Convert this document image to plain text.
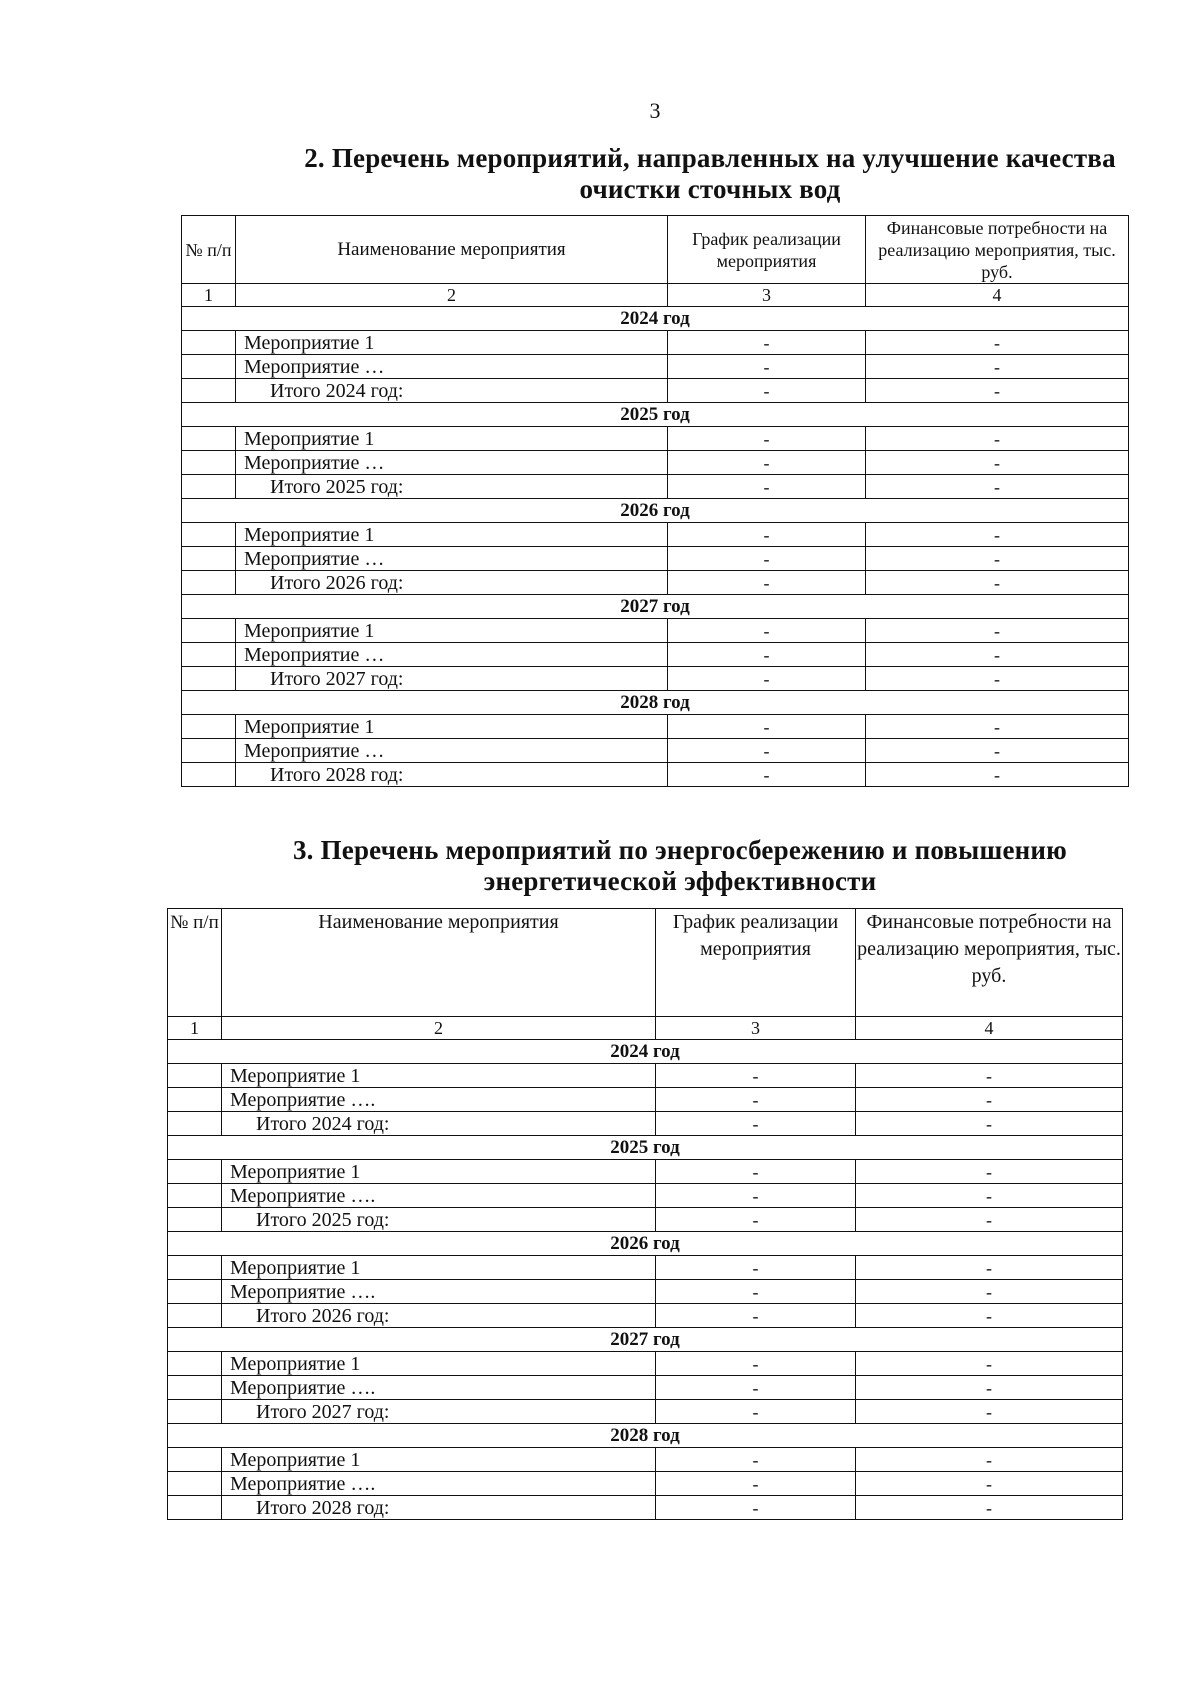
3
2. Перечень мероприятий, направленных на улучшение качества очистки сточных вод
№ п/п	Наименование мероприятия	График реализации мероприятия	Финансовые потребности на реализацию мероприятия, тыс. руб.
1	2	3	4
2024 год			
	Мероприятие 1	-	-
	Мероприятие …	-	-
	Итого 2024 год:	-	-
2025 год			
	Мероприятие 1	-	-
	Мероприятие …	-	-
	Итого 2025 год:	-	-
2026 год			
	Мероприятие 1	-	-
	Мероприятие …	-	-
	Итого 2026 год:	-	-
2027 год			
	Мероприятие 1	-	-
	Мероприятие …	-	-
	Итого 2027 год:	-	-
2028 год			
	Мероприятие 1	-	-
	Мероприятие …	-	-
	Итого 2028 год:	-	-
3. Перечень мероприятий по энергосбережению и повышению энергетической эффективности
№ п/п	Наименование мероприятия	График реализации мероприятия	Финансовые потребности на реализацию мероприятия, тыс. руб.
1	2	3	4
2024 год			
	Мероприятие 1	-	-
	Мероприятие ….	-	-
	Итого 2024 год:	-	-
2025 год			
	Мероприятие 1	-	-
	Мероприятие ….	-	-
	Итого 2025 год:	-	-
2026 год			
	Мероприятие 1	-	-
	Мероприятие ….	-	-
	Итого 2026 год:	-	-
2027 год			
	Мероприятие 1	-	-
	Мероприятие ….	-	-
	Итого 2027 год:	-	-
2028 год			
	Мероприятие 1	-	-
	Мероприятие ….	-	-
	Итого 2028 год:	-	-
